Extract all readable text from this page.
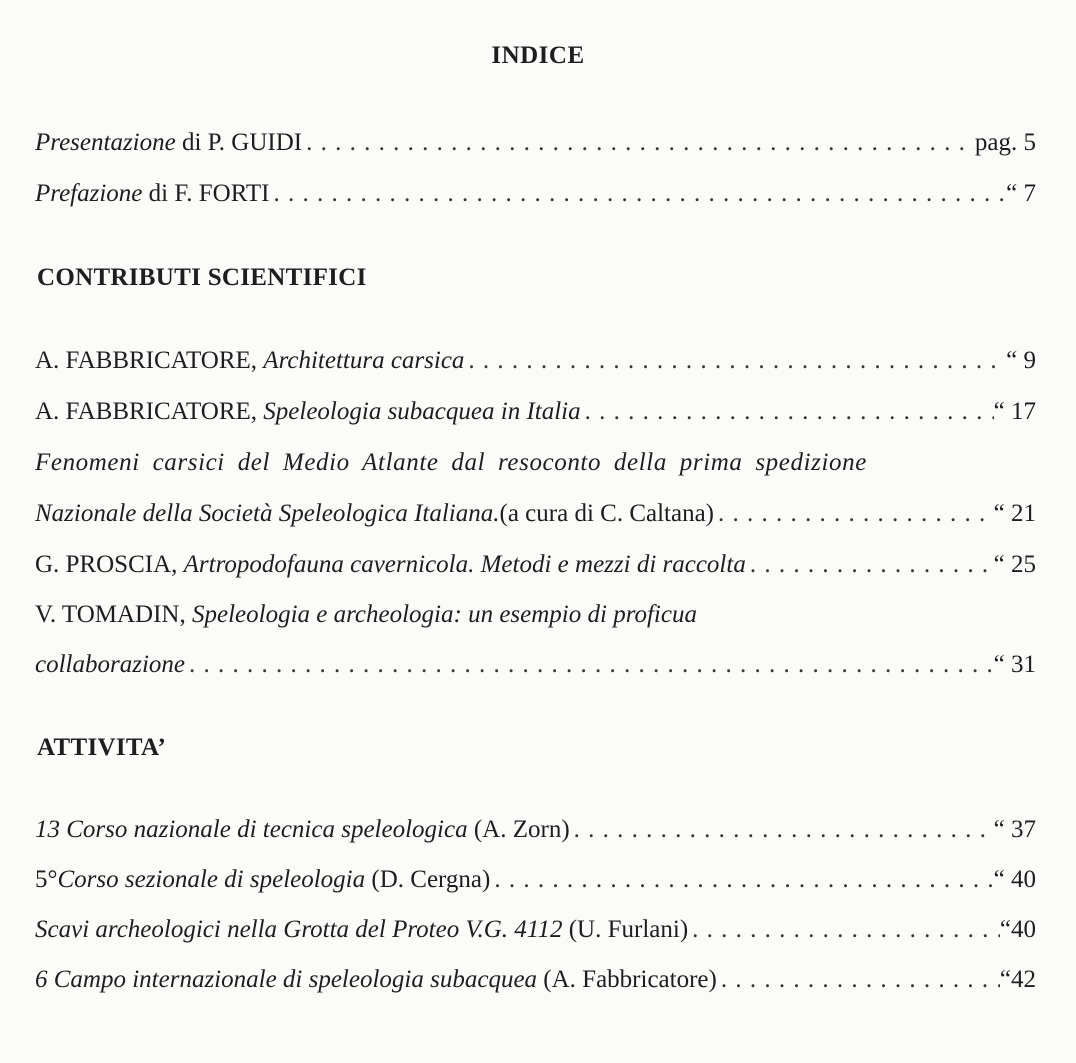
INDICE
Presentazione di P. GUIDI . . .	pag. 5
Prefazione di F. FORTI . . .	“ 7
CONTRIBUTI SCIENTIFICI
A. FABBRICATORE, Architettura carsica . . .	“ 9
A. FABBRICATORE, Speleologia subacquea in Italia . . .	“ 17
Fenomeni carsici del Medio Atlante dal resoconto della prima spedizione
Nazionale della Società Speleologica Italiana.(a cura di C. Caltana) . . .	“ 21
G. PROSCIA, Artropodofauna cavernicola. Metodi e mezzi di raccolta . . .	“ 25
V. TOMADIN, Speleologia e archeologia: un esempio di proficua
collaborazione . . .	“ 31
ATTIVITA’
13 Corso nazionale di tecnica speleologica (A. Zorn) . . .	“ 37
5°Corso sezionale di speleologia (D. Cergna) . . .	“ 40
Scavi archeologici nella Grotta del Proteo V.G. 4112 (U. Furlani) . . .	“40
6 Campo internazionale di speleologia subacquea (A. Fabbricatore) . . .	“42
